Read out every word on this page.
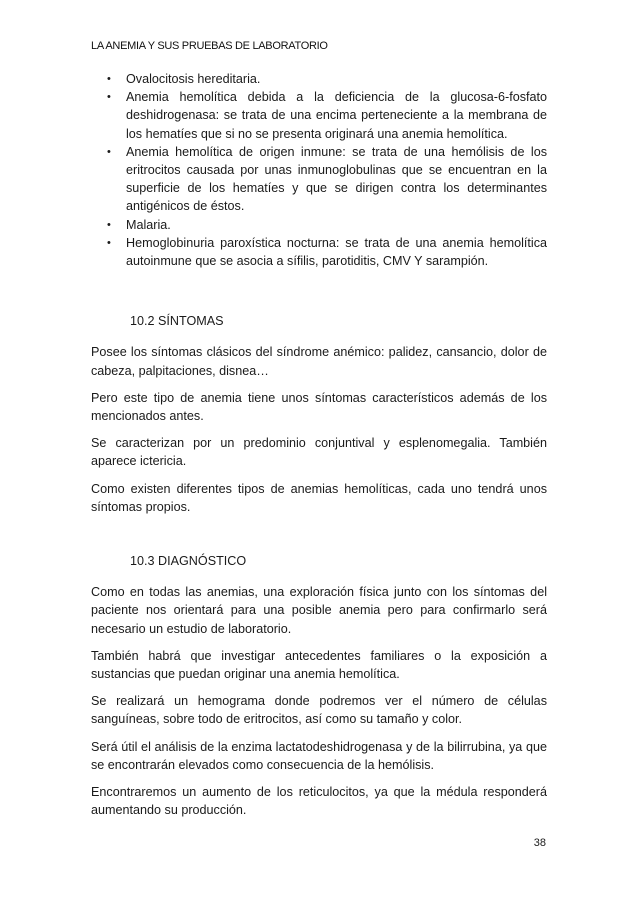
LA ANEMIA Y SUS PRUEBAS DE LABORATORIO
• Ovalocitosis hereditaria.
• Anemia hemolítica debida a la deficiencia de la glucosa-6-fosfato deshidrogenasa: se trata de una encima perteneciente a la membrana de los hematíes que si no se presenta originará una anemia hemolítica.
• Anemia hemolítica de origen inmune: se trata de una hemólisis de los eritrocitos causada por unas inmunoglobulinas que se encuentran en la superficie de los hematíes y que se dirigen contra los determinantes antigénicos de éstos.
• Malaria.
• Hemoglobinuria paroxística nocturna: se trata de una anemia hemolítica autoinmune que se asocia a sífilis, parotiditis, CMV Y sarampión.
10.2 SÍNTOMAS

Posee los síntomas clásicos del síndrome anémico: palidez, cansancio, dolor de cabeza, palpitaciones, disnea…

Pero este tipo de anemia tiene unos síntomas característicos además de los mencionados antes.

Se caracterizan por un predominio conjuntival y esplenomegalia. También aparece ictericia.

Como existen diferentes tipos de anemias hemolíticas, cada uno tendrá unos síntomas propios.

10.3 DIAGNÓSTICO

Como en todas las anemias, una exploración física junto con los síntomas del paciente nos orientará para una posible anemia pero para confirmarlo será necesario un estudio de laboratorio.

También habrá que investigar antecedentes familiares o la exposición a sustancias que puedan originar una anemia hemolítica.

Se realizará un hemograma donde podremos ver el número de células sanguíneas, sobre todo de eritrocitos, así como su tamaño y color.

Será útil el análisis de la enzima lactatodeshidrogenasa y de la bilirrubina, ya que se encontrarán elevados como consecuencia de la hemólisis.

Encontraremos un aumento de los reticulocitos, ya que la médula responderá aumentando su producción.

38
